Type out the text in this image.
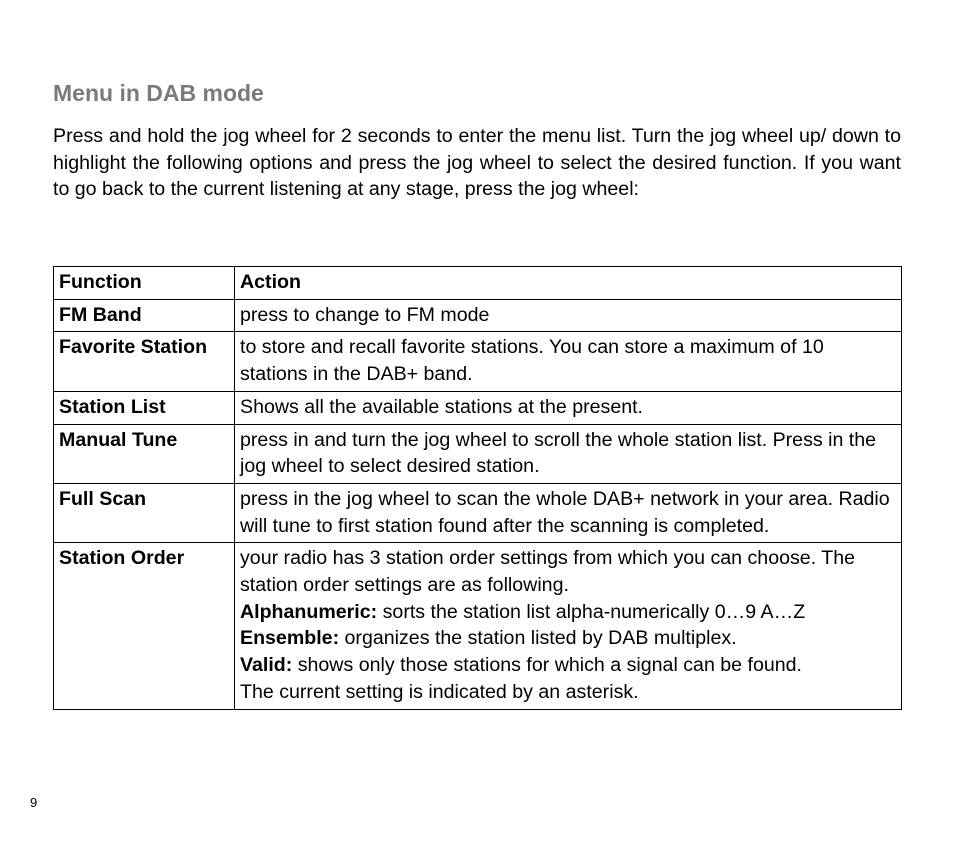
Menu in DAB mode

Press and hold the jog wheel for 2 seconds to enter the menu list. Turn the jog wheel up/ down to highlight the following options and press the jog wheel to select the desired function. If you want to go back to the current listening at any stage, press the jog wheel:

Function	Action
FM Band	press to change to FM mode
Favorite Station	to store and recall favorite stations. You can store a maximum of 10 stations in the DAB+ band.
Station List	Shows all the available stations at the present.
Manual Tune	press in and turn the jog wheel to scroll the whole station list. Press in the jog wheel to select desired station.
Full Scan	press in the jog wheel to scan the whole DAB+ network in your area. Radio will tune to first station found after the scanning is completed.
Station Order	your radio has 3 station order settings from which you can choose. The station order settings are as following.
Alphanumeric: sorts the station list alpha-numerically 0…9 A…Z
Ensemble: organizes the station listed by DAB multiplex.
Valid: shows only those stations for which a signal can be found.
The current setting is indicated by an asterisk.
9
